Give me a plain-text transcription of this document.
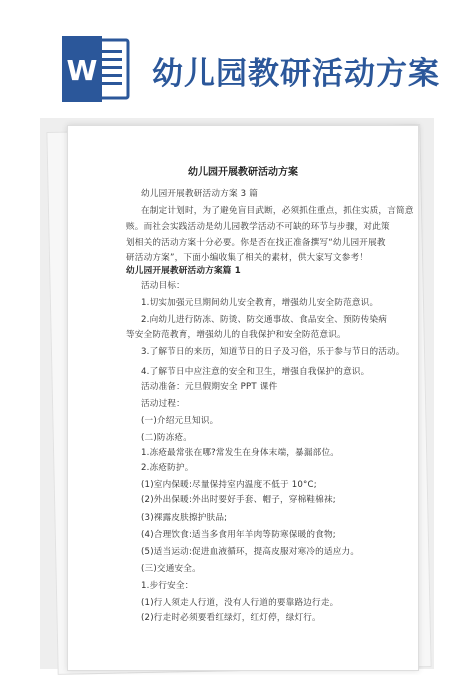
W 幼儿园教研活动方案
幼儿园开展教研活动方案
幼儿园开展教研活动方案 3 篇
在制定计划时，为了避免盲目武断，必须抓住重点，抓住实质，言简意
赅。而社会实践活动是幼儿园教学活动不可缺的环节与步骤，对此策
划相关的活动方案十分必要。你是否在找正准备撰写“幼儿园开展教
研活动方案”，下面小编收集了相关的素材，供大家写文参考！
幼儿园开展教研活动方案篇 1
活动目标：
1.切实加强元旦期间幼儿安全教育，增强幼儿安全防范意识。
2.向幼儿进行防冻、防烫、防交通事故、食品安全、预防传染病
等安全防范教育，增强幼儿的自我保护和安全防范意识。
3.了解节日的来历，知道节日的日子及习俗，乐于参与节日的活动。
4.了解节日中应注意的安全和卫生，增强自我保护的意识。
活动准备：元旦假期安全 PPT 课件
活动过程：
(一)介绍元旦知识。
(二)防冻疮。
1.冻疮最常张在哪?常发生在身体末端，暴漏部位。
2.冻疮防护。
(1)室内保暖:尽量保持室内温度不低于 10°C;
(2)外出保暖:外出时要好手套、帽子，穿棉鞋棉袜;
(3)裸露皮肤擦护肤品;
(4)合理饮食:适当多食用年羊肉等防寒保暖的食物;
(5)适当运动:促进血液循环，提高皮服对寒冷的适应力。
(三)交通安全。
1.步行安全：
(1)行人须走人行道，没有人行道的要靠路边行走。
(2)行走时必须要看红绿灯，红灯停，绿灯行。
